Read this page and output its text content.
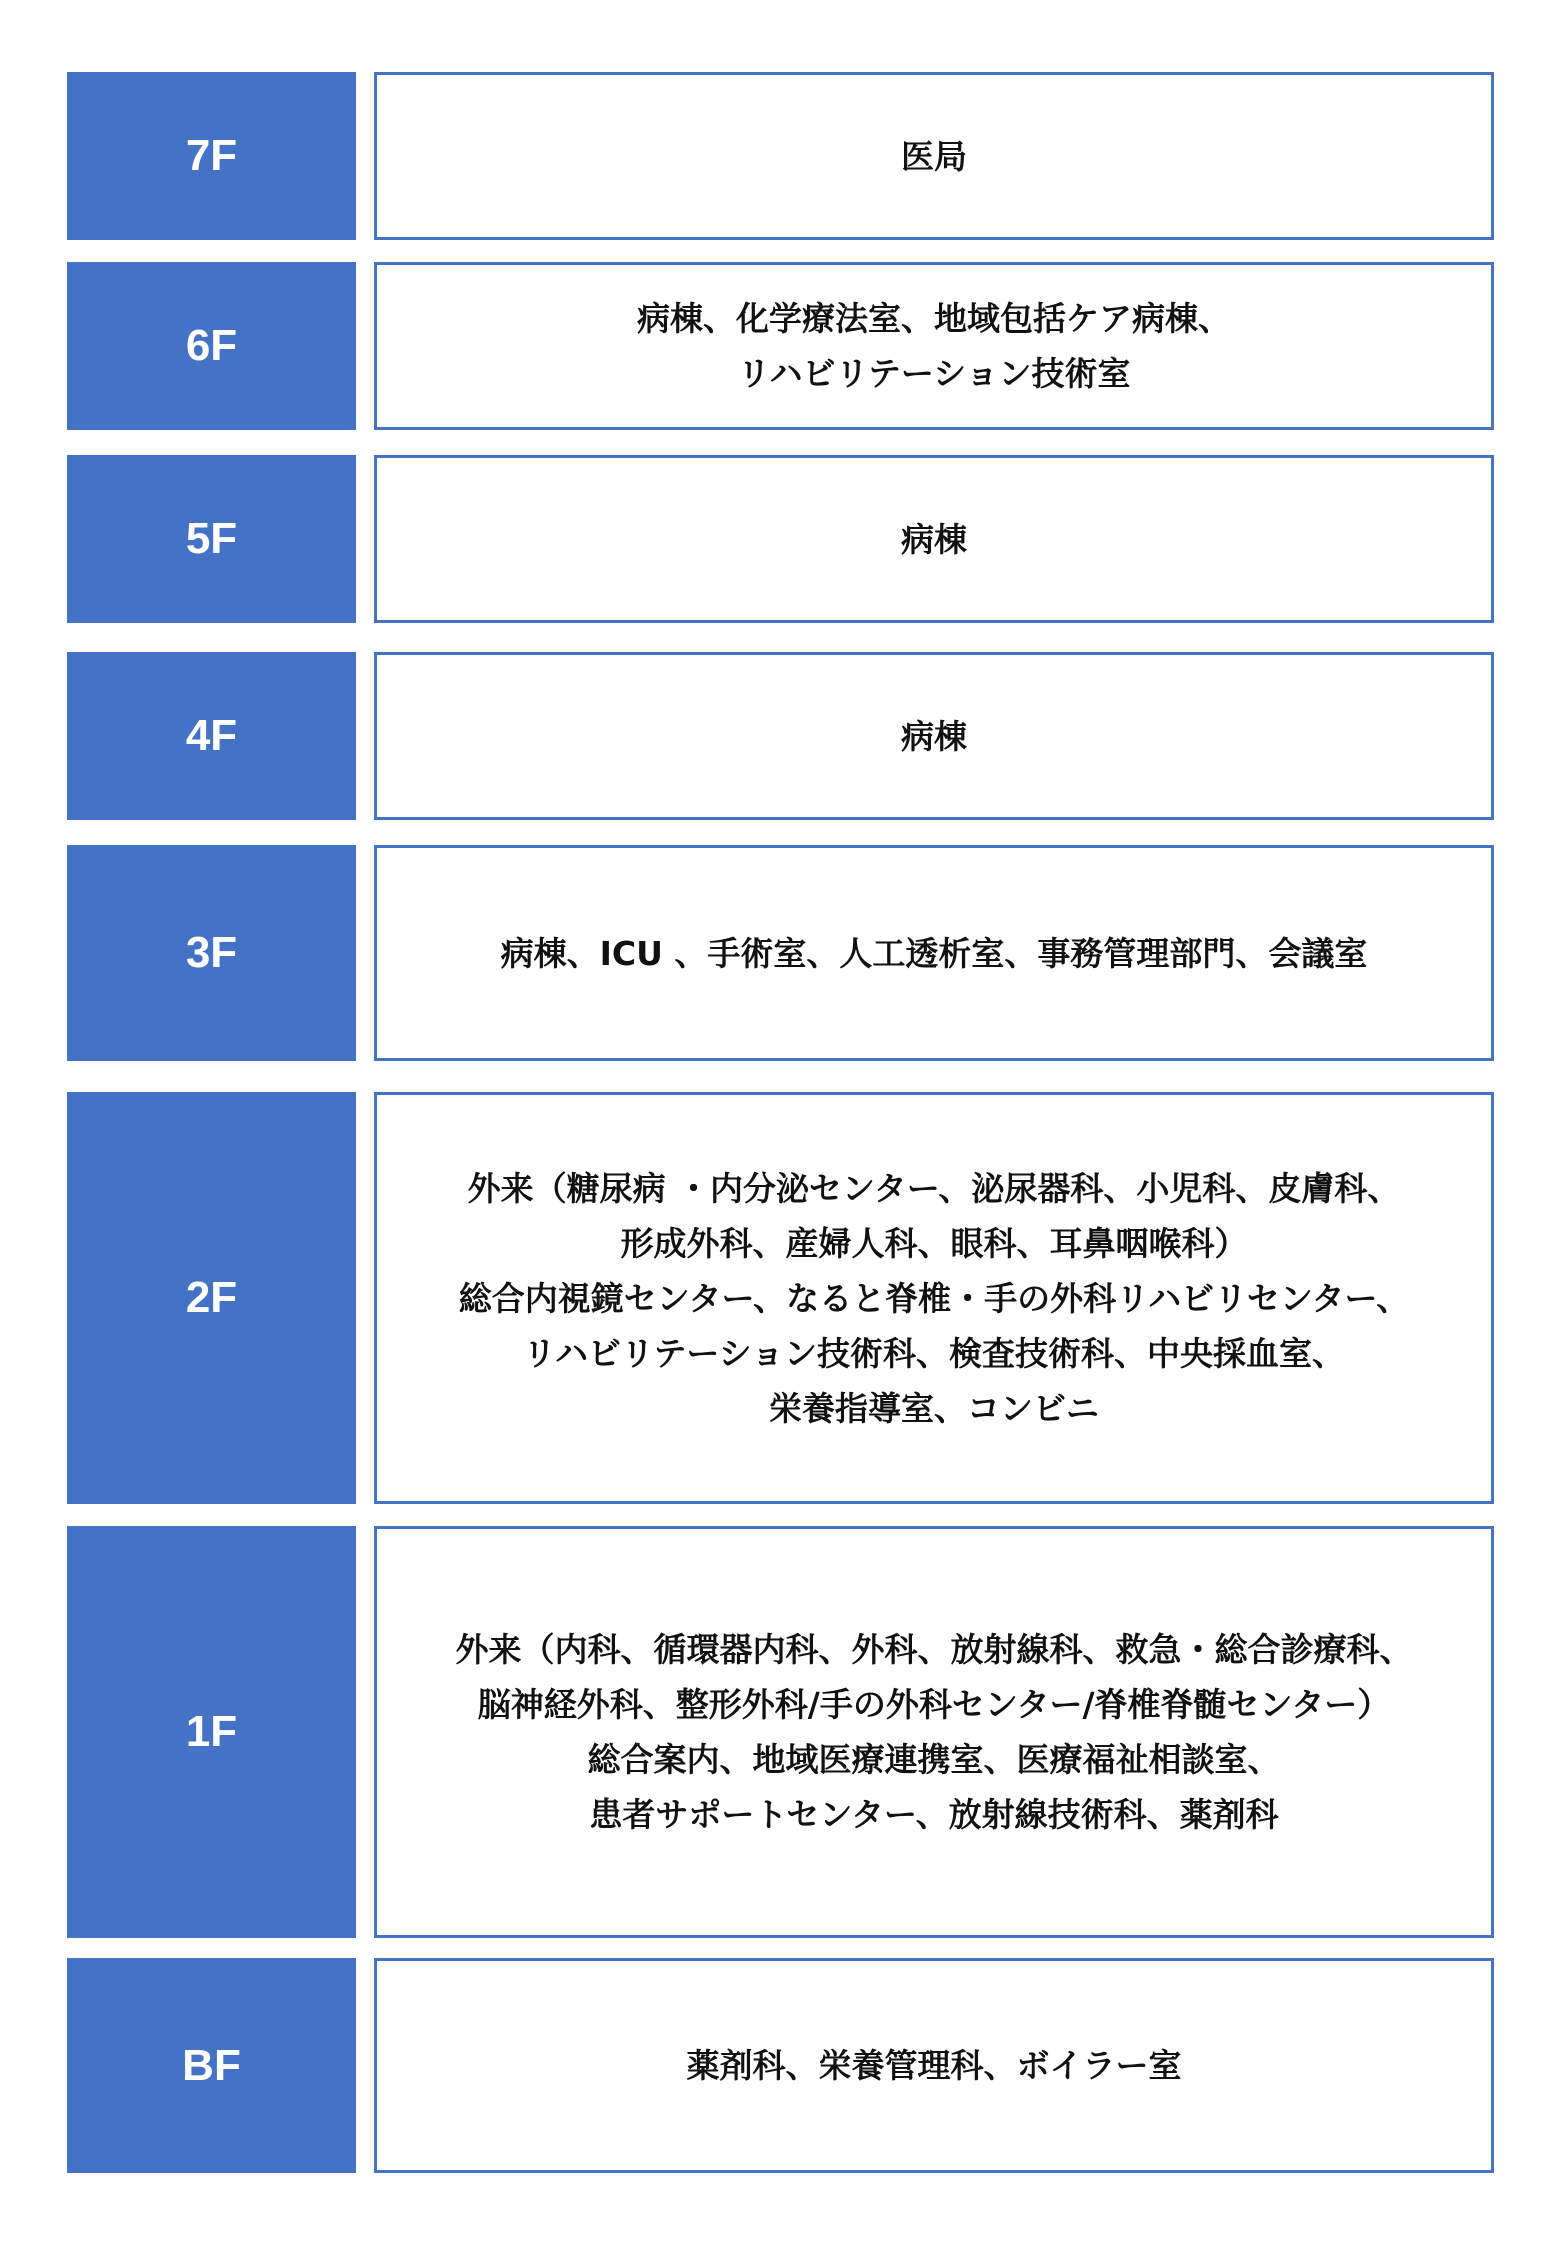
7F	医局
6F
病棟、化学療法室、地域包括ケア病棟、
リハビリテーション技術室
5F	病棟
4F	病棟
3F	病棟、ICU 、手術室、人工透析室、事務管理部門、会議室
2F
外来（糖尿病 ・内分泌センター、泌尿器科、小児科、皮膚科、
形成外科、産婦人科、眼科、耳鼻咽喉科）
総合内視鏡センター、なると脊椎・手の外科リハビリセンター、
リハビリテーション技術科、検査技術科、中央採血室、
栄養指導室、コンビニ
1F
外来（内科、循環器内科、外科、放射線科、救急・総合診療科、
脳神経外科、整形外科/手の外科センター/脊椎脊髄センター）
総合案内、地域医療連携室、医療福祉相談室、
患者サポートセンター、放射線技術科、薬剤科
BF	薬剤科、栄養管理科、ボイラー室
